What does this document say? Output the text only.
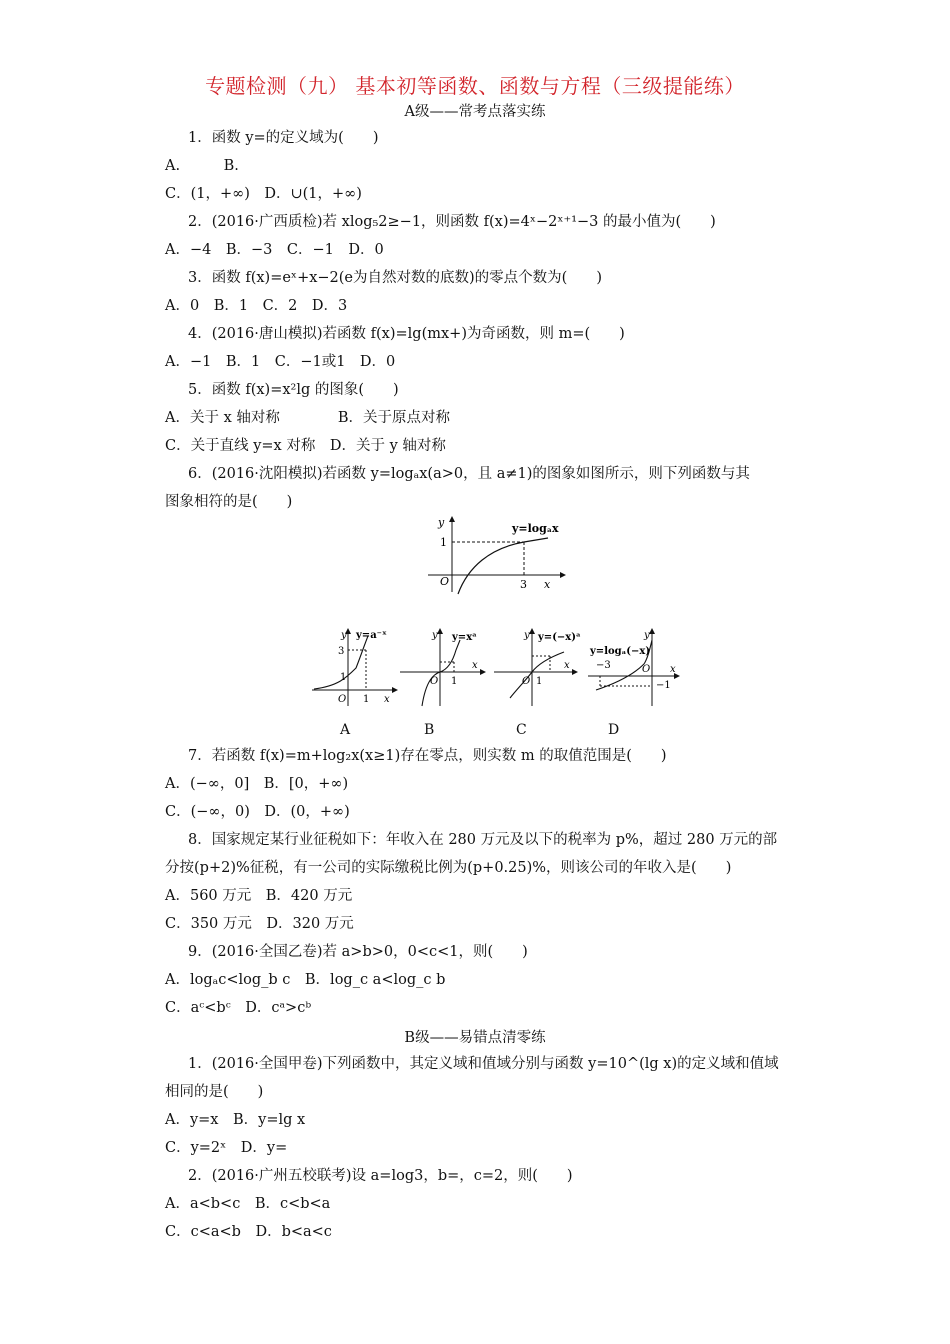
专题检测（九） 基本初等函数、函数与方程（三级提能练）
A级——常考点落实练
1．函数 y=的定义域为(　　)
A.　　　B.
C．(1，+∞)　D．∪(1，+∞)
2．(2016·广西质检)若 xlog₅2≥−1，则函数 f(x)=4ˣ−2ˣ⁺¹−3 的最小值为(　　)
A．−4　B．−3　C．−1　D．0
3．函数 f(x)=eˣ+x−2(e为自然对数的底数)的零点个数为(　　)
A．0　B．1　C．2　D．3
4．(2016·唐山模拟)若函数 f(x)=lg(mx+)为奇函数，则 m=(　　)
A．−1　B．1　C．−1或1　D．0
5．函数 f(x)=x²lg 的图象(　　)
A．关于 x 轴对称　　　　B．关于原点对称
C．关于直线 y=x 对称　D．关于 y 轴对称
6．(2016·沈阳模拟)若函数 y=logₐx(a>0，且 a≠1)的图象如图所示，则下列函数与其
图象相符的是(　　)
y	y=logₐx
1
O	3 x
y y=a⁻ˣ
3
1
O 1 x
y y=xᵃ
O 1
x
y y=(−x)ᵃ
O 1
x
y
y=logₐ(−x)
−3	O
−1
x
A	B	C	D
7．若函数 f(x)=m+log₂x(x≥1)存在零点，则实数 m 的取值范围是(　　)
A．(−∞，0]　B．[0，+∞)
C．(−∞，0)　D．(0，+∞)
8．国家规定某行业征税如下：年收入在 280 万元及以下的税率为 p%，超过 280 万元的部
分按(p+2)%征税，有一公司的实际缴税比例为(p+0.25)%，则该公司的年收入是(　　)
A．560 万元　B．420 万元
C．350 万元　D．320 万元
9．(2016·全国乙卷)若 a>b>0，0<c<1，则(　　)
A．logₐc<log_b c　B．log_c a<log_c b
C．aᶜ<bᶜ　D．cᵃ>cᵇ
B级——易错点清零练
1．(2016·全国甲卷)下列函数中，其定义域和值域分别与函数 y=10^(lg x)的定义域和值域
相同的是(　　)
A．y=x　B．y=lg x
C．y=2ˣ　D．y=
2．(2016·广州五校联考)设 a=log3，b=，c=2，则(　　)
A．a<b<c　B．c<b<a
C．c<a<b　D．b<a<c
